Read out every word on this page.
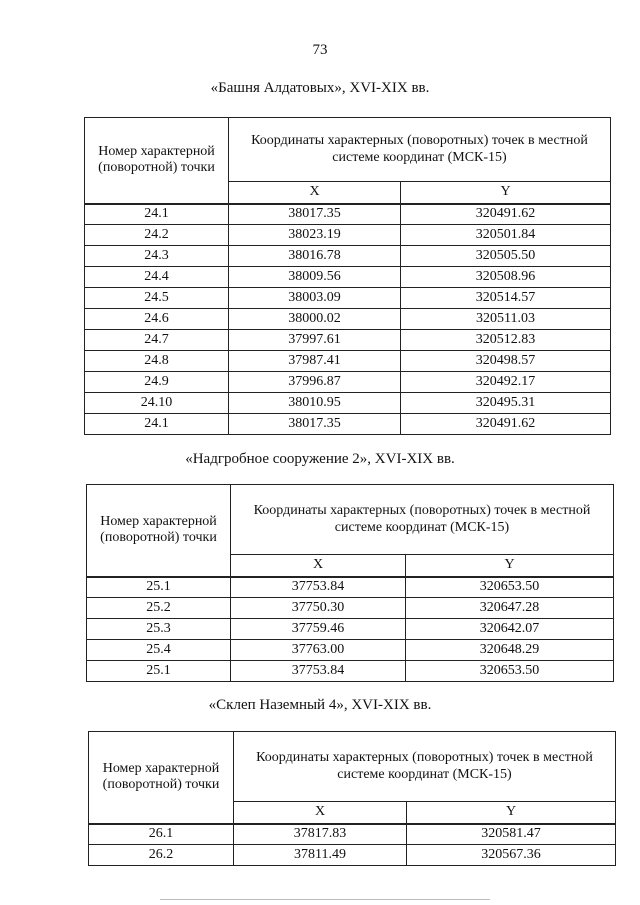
73
«Башня Алдатовых», XVI-XIX вв.
Номер характерной (поворотной) точки	Координаты характерных (поворотных) точек в местной системе координат (МСК-15)	
	X	Y
24.1	38017.35	320491.62
24.2	38023.19	320501.84
24.3	38016.78	320505.50
24.4	38009.56	320508.96
24.5	38003.09	320514.57
24.6	38000.02	320511.03
24.7	37997.61	320512.83
24.8	37987.41	320498.57
24.9	37996.87	320492.17
24.10	38010.95	320495.31
24.1	38017.35	320491.62
«Надгробное сооружение 2», XVI-XIX вв.
Номер характерной (поворотной) точки	Координаты характерных (поворотных) точек в местной системе координат (МСК-15)	
	X	Y
25.1	37753.84	320653.50
25.2	37750.30	320647.28
25.3	37759.46	320642.07
25.4	37763.00	320648.29
25.1	37753.84	320653.50
«Склеп Наземный 4», XVI-XIX вв.
Номер характерной (поворотной) точки	Координаты характерных (поворотных) точек в местной системе координат (МСК-15)	
	X	Y
26.1	37817.83	320581.47
26.2	37811.49	320567.36
